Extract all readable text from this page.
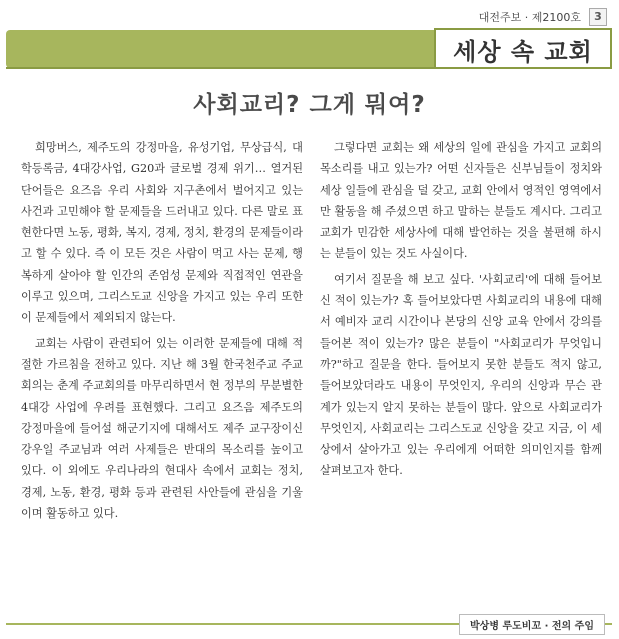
대전주보 · 제2100호	3
세상 속 교회
사회교리? 그게 뭐여?

희망버스, 제주도의 강정마을, 유성기업, 무상급식, 대학등록금, 4대강사업, G20과 글로벌 경제 위기… 열거된 단어들은 요즈음 우리 사회와 지구촌에서 벌어지고 있는 사건과 고민해야 할 문제들을 드러내고 있다. 다른 말로 표현한다면 노동, 평화, 복지, 경제, 정치, 환경의 문제들이라고 할 수 있다. 즉 이 모든 것은 사람이 먹고 사는 문제, 행복하게 살아야 할 인간의 존엄성 문제와 직접적인 연관을 이루고 있으며, 그리스도교 신앙을 가지고 있는 우리 또한 이 문제들에서 제외되지 않는다.

교회는 사람이 관련되어 있는 이러한 문제들에 대해 적절한 가르침을 전하고 있다. 지난 해 3월 한국천주교 주교회의는 춘계 주교회의를 마무리하면서 현 정부의 무분별한 4대강 사업에 우려를 표현했다. 그리고 요즈음 제주도의 강정마을에 들어설 해군기지에 대해서도 제주 교구장이신 강우일 주교님과 여러 사제들은 반대의 목소리를 높이고 있다. 이 외에도 우리나라의 현대사 속에서 교회는 정치, 경제, 노동, 환경, 평화 등과 관련된 사안들에 관심을 기울이며 활동하고 있다.

그렇다면 교회는 왜 세상의 일에 관심을 가지고 교회의 목소리를 내고 있는가? 어떤 신자들은 신부님들이 정치와 세상 일들에 관심을 덜 갖고, 교회 안에서 영적인 영역에서만 활동을 해 주셨으면 하고 말하는 분들도 계시다. 그리고 교회가 민감한 세상사에 대해 발언하는 것을 불편해 하시는 분들이 있는 것도 사실이다.

여기서 질문을 해 보고 싶다. '사회교리'에 대해 들어보신 적이 있는가? 혹 들어보았다면 사회교리의 내용에 대해서 예비자 교리 시간이나 본당의 신앙 교육 안에서 강의를 들어본 적이 있는가? 많은 분들이 "사회교리가 무엇입니까?"하고 질문을 한다. 들어보지 못한 분들도 적지 않고, 들어보았더라도 내용이 무엇인지, 우리의 신앙과 무슨 관계가 있는지 알지 못하는 분들이 많다. 앞으로 사회교리가 무엇인지, 사회교리는 그리스도교 신앙을 갖고 지금, 이 세상에서 살아가고 있는 우리에게 어떠한 의미인지를 함께 살펴보고자 한다.

박상병 루도비꼬 · 전의 주임
